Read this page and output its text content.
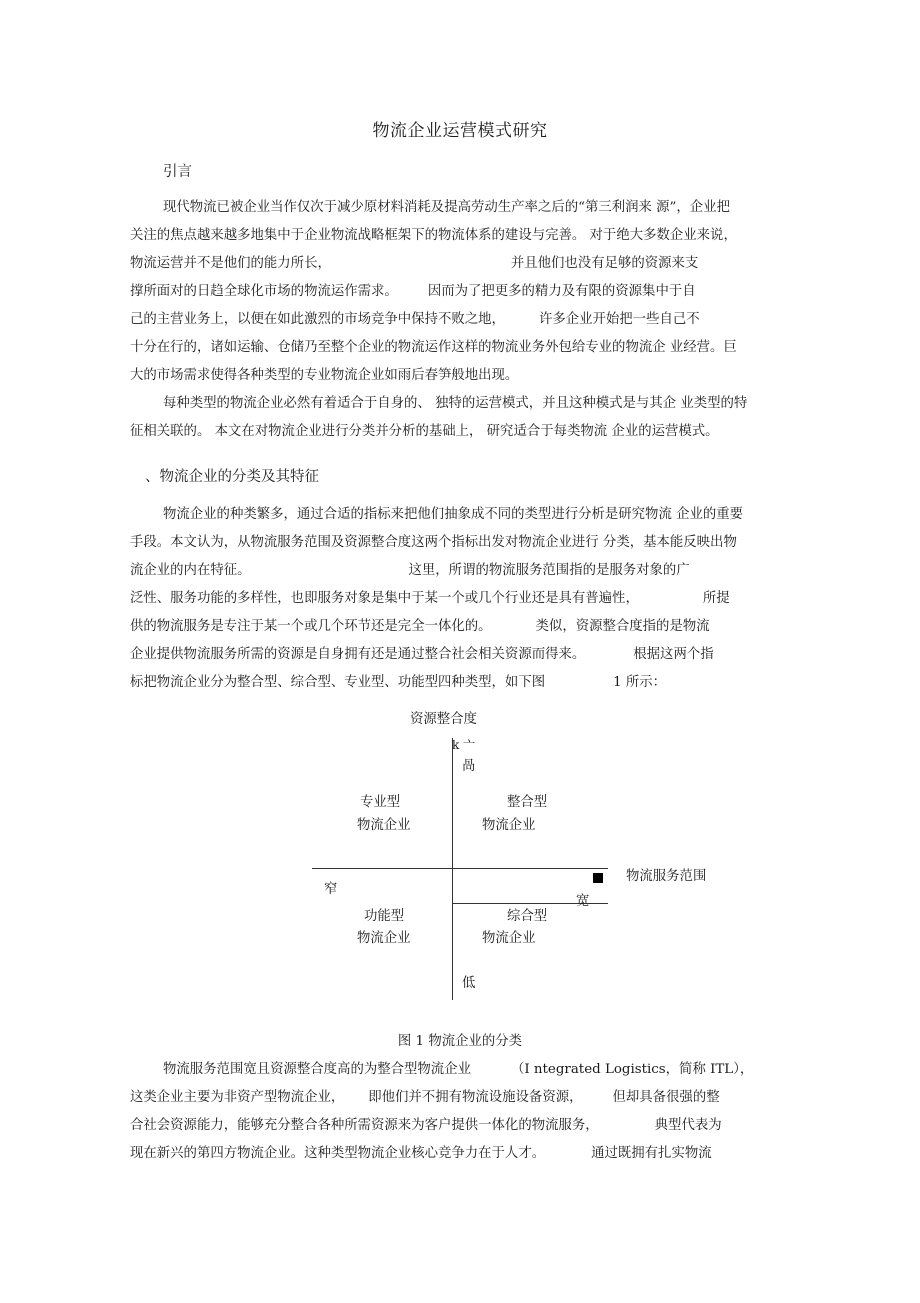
物流企业运营模式研究
引言
现代物流已被企业当作仅次于减少原材料消耗及提高劳动生产率之后的“第三利润来 源”，企业把
关注的焦点越来越多地集中于企业物流战略框架下的物流体系的建设与完善。 对于绝大多数企业来说，
物流运营并不是他们的能力所长，	并且他们也没有足够的资源来支
撑所面对的日趋全球化市场的物流运作需求。 因而为了把更多的精力及有限的资源集中于自
己的主营业务上，以便在如此激烈的市场竞争中保持不败之地，	许多企业开始把一些自己不
十分在行的，诸如运输、仓储乃至整个企业的物流运作这样的物流业务外包给专业的物流企 业经营。巨
大的市场需求使得各种类型的专业物流企业如雨后春笋般地出现。
每种类型的物流企业必然有着适合于自身的、 独特的运营模式，并且这种模式是与其企 业类型的特
征相关联的。 本文在对物流企业进行分类并分析的基础上， 研究适合于每类物流 企业的运营模式。
、物流企业的分类及其特征
物流企业的种类繁多，通过合适的指标来把他们抽象成不同的类型进行分析是研究物流 企业的重要
手段。本文认为，从物流服务范围及资源整合度这两个指标出发对物流企业进行 分类，基本能反映出物
流企业的内在特征。	这里，所谓的物流服务范围指的是服务对象的广
泛性、服务功能的多样性，也即服务对象是集中于某一个或几个行业还是具有普遍性，	所提
供的物流服务是专注于某一个或几个环节还是完全一体化的。	类似，资源整合度指的是物流
企业提供物流服务所需的资源是自身拥有还是通过整合社会相关资源而得来。	根据这两个指
标把物流企业分为整合型、综合型、专业型、功能型四种类型，如下图	1 所示：
资源整合度
k 亠
咼
低
物流服务范围
窄
宽
专业型
物流企业
整合型
物流企业
功能型
物流企业
综合型
物流企业
图 1 物流企业的分类
物流服务范围宽且资源整合度高的为整合型物流企业	（I ntegrated Logistics，简称 ITL），
这类企业主要为非资产型物流企业， 即他们并不拥有物流设施设备资源， 但却具备很强的整
合社会资源能力，能够充分整合各种所需资源来为客户提供一体化的物流服务，	典型代表为
现在新兴的第四方物流企业。这种类型物流企业核心竞争力在于人才。	通过既拥有扎实物流
